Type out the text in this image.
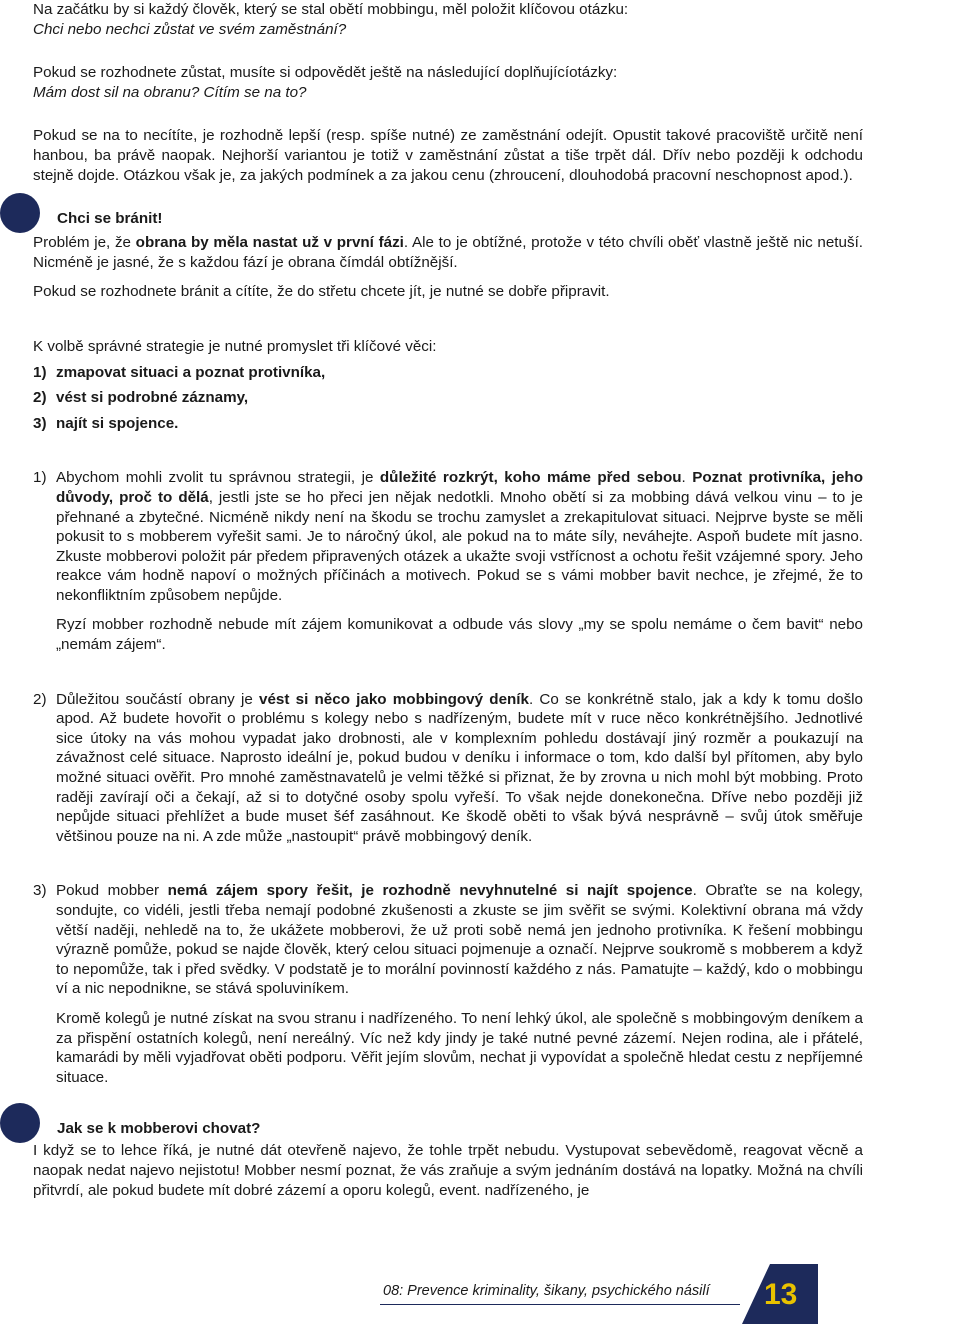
Na začátku by si každý člověk, který se stal obětí mobbingu, měl položit klíčovou otázku:

Chci nebo nechci zůstat ve svém zaměstnání?

Pokud se rozhodnete zůstat, musíte si odpovědět ještě na následující doplňujícíotázky:

Mám dost sil na obranu? Cítím se na to?

Pokud se na to necítíte, je rozhodně lepší (resp. spíše nutné) ze zaměstnání odejít. Opustit takové pracoviště určitě není hanbou, ba právě naopak. Nejhorší variantou je totiž v zaměstnání zůstat a tiše trpět dál. Dřív nebo později k odchodu stejně dojde. Otázkou však je, za jakých podmínek a za jakou cenu (zhroucení, dlouhodobá pracovní neschopnost apod.).

Chci se bránit!

Problém je, že obrana by měla nastat už v první fázi. Ale to je obtížné, protože v této chvíli oběť vlastně ještě nic netuší. Nicméně je jasné, že s každou fází je obrana čímdál obtížnější.

Pokud se rozhodnete bránit a cítíte, že do střetu chcete jít, je nutné se dobře připravit.

K volbě správné strategie je nutné promyslet tři klíčové věci:

1) zmapovat situaci a poznat protivníka,

2) vést si podrobné záznamy,

3) najít si spojence.

1) Abychom mohli zvolit tu správnou strategii, je důležité rozkrýt, koho máme před sebou. Poznat protivníka, jeho důvody, proč to dělá, jestli jste se ho přeci jen nějak nedotkli. Mnoho obětí si za mobbing dává velkou vinu – to je přehnané a zbytečné. Nicméně nikdy není na škodu se trochu zamyslet a zrekapitulovat situaci. Nejprve byste se měli pokusit to s mobberem vyřešit sami. Je to náročný úkol, ale pokud na to máte síly, neváhejte. Aspoň budete mít jasno. Zkuste mobberovi položit pár předem připravených otázek a ukažte svoji vstřícnost a ochotu řešit vzájemné spory. Jeho reakce vám hodně napoví o možných příčinách a motivech. Pokud se s vámi mobber bavit nechce, je zřejmé, že to nekonfliktním způsobem nepůjde.

Ryzí mobber rozhodně nebude mít zájem komunikovat a odbude vás slovy „my se spolu nemáme o čem bavit“ nebo „nemám zájem“.

2) Důležitou součástí obrany je vést si něco jako mobbingový deník. Co se konkrétně stalo, jak a kdy k tomu došlo apod. Až budete hovořit o problému s kolegy nebo s nadřízeným, budete mít v ruce něco konkrétnějšího. Jednotlivé sice útoky na vás mohou vypadat jako drobnosti, ale v komplexním pohledu dostávají jiný rozměr a poukazují na závažnost celé situace. Naprosto ideální je, pokud budou v deníku i informace o tom, kdo další byl přítomen, aby bylo možné situaci ověřit. Pro mnohé zaměstnavatelů je velmi těžké si přiznat, že by zrovna u nich mohl být mobbing. Proto raději zavírají oči a čekají, až si to dotyčné osoby spolu vyřeší. To však nejde donekonečna. Dříve nebo později již nepůjde situaci přehlížet a bude muset šéf zasáhnout. Ke škodě oběti to však bývá nesprávně – svůj útok směřuje většinou pouze na ni. A zde může „nastoupit“ právě mobbingový deník.

3) Pokud mobber nemá zájem spory řešit, je rozhodně nevyhnutelné si najít spojence. Obraťte se na kolegy, sondujte, co vidéli, jestli třeba nemají podobné zkušenosti a zkuste se jim svěřit se svými. Kolektivní obrana má vždy větší naději, nehledě na to, že ukážete mobberovi, že už proti sobě nemá jen jednoho protivníka. K řešení mobbingu výrazně pomůže, pokud se najde člověk, který celou situaci pojmenuje a označí. Nejprve soukromě s mobberem a když to nepomůže, tak i před svědky. V podstatě je to morální povinností každého z nás. Pamatujte – každý, kdo o mobbingu ví a nic nepodnikne, se stává spoluviníkem.

Kromě kolegů je nutné získat na svou stranu i nadřízeného. To není lehký úkol, ale společně s mobbingovým deníkem a za přispění ostatních kolegů, není nereálný. Víc než kdy jindy je také nutné pevné zázemí. Nejen rodina, ale i přátelé, kamarádi by měli vyjadřovat oběti podporu. Věřit jejím slovům, nechat ji vypovídat a společně hledat cestu z nepříjemné situace.

Jak se k mobberovi chovat?

I když se to lehce říká, je nutné dát otevřeně najevo, že tohle trpět nebudu. Vystupovat sebevědomě, reagovat věcně a naopak nedat najevo nejistotu! Mobber nesmí poznat, že vás zraňuje a svým jednáním dostává na lopatky. Možná na chvíli přitvrdí, ale pokud budete mít dobré zázemí a oporu kolegů, event. nadřízeného, je

08: Prevence kriminality, šikany, psychického násilí 13
